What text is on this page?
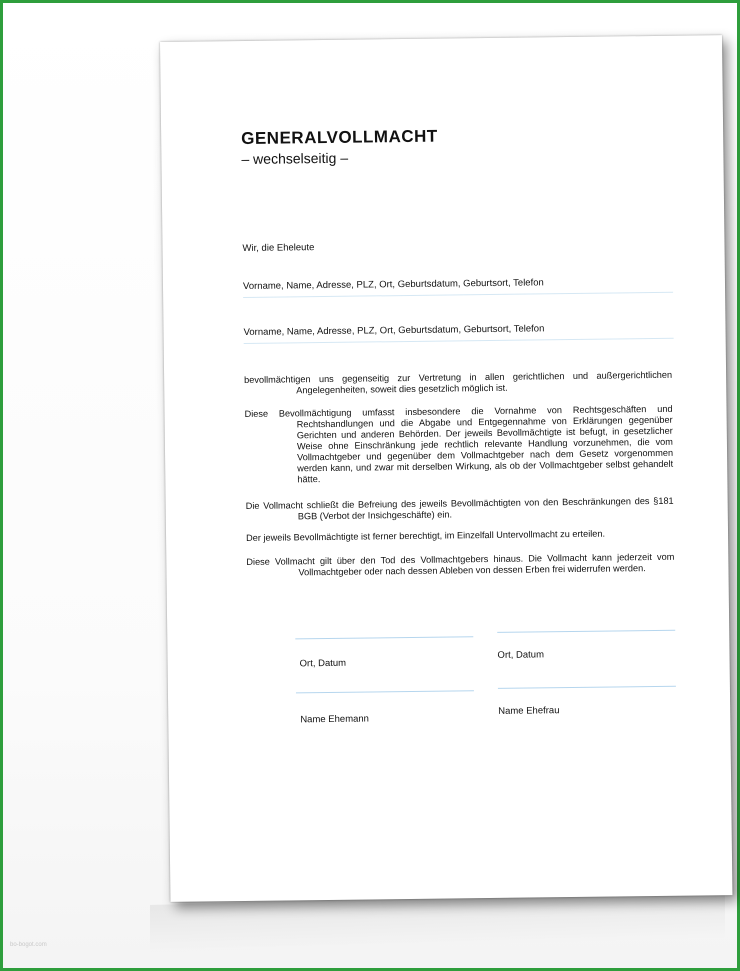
GENERALVOLLMACHT
– wechselseitig –
Wir, die Eheleute
Vorname, Name, Adresse, PLZ, Ort, Geburtsdatum, Geburtsort, Telefon
Vorname, Name, Adresse, PLZ, Ort, Geburtsdatum, Geburtsort, Telefon
bevollmächtigen uns gegenseitig zur Vertretung in allen gerichtlichen und außergerichtlichen Angelegenheiten, soweit dies gesetzlich möglich ist.
Diese Bevollmächtigung umfasst insbesondere die Vornahme von Rechtsgeschäften und Rechtshandlungen und die Abgabe und Entgegennahme von Erklärungen gegenüber Gerichten und anderen Behörden. Der jeweils Bevollmächtigte ist befugt, in gesetzlicher Weise ohne Einschränkung jede rechtlich relevante Handlung vorzunehmen, die vom Vollmachtgeber und gegenüber dem Vollmachtgeber nach dem Gesetz vorgenommen werden kann, und zwar mit derselben Wirkung, als ob der Vollmachtgeber selbst gehandelt hätte.
Die Vollmacht schließt die Befreiung des jeweils Bevollmächtigten von den Beschränkungen des §181 BGB (Verbot der Insichgeschäfte) ein.
Der jeweils Bevollmächtigte ist ferner berechtigt, im Einzelfall Untervollmacht zu erteilen.
Diese Vollmacht gilt über den Tod des Vollmachtgebers hinaus. Die Vollmacht kann jederzeit vom Vollmachtgeber oder nach dessen Ableben von dessen Erben frei widerrufen werden.
Ort, Datum
Ort, Datum
Name Ehemann
Name Ehefrau
bo-bogot.com
